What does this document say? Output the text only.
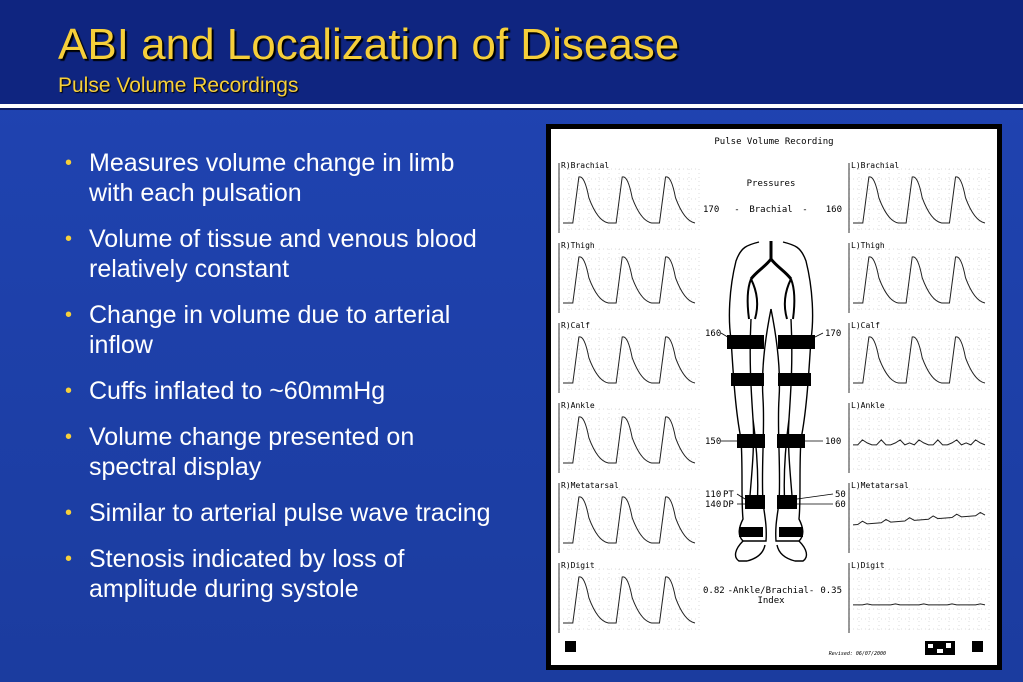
ABI and Localization of Disease
Pulse Volume Recordings
• Measures volume change in limb with each pulsation
• Volume of tissue and venous blood relatively constant
• Change in volume due to arterial inflow
• Cuffs inflated to ~60mmHg
• Volume change presented on spectral display
• Similar to arterial pulse wave tracing
• Stenosis indicated by loss of amplitude during systole
Pulse Volume Recording
R)Brachial
R)Thigh
R)Calf
R)Ankle
R)Metatarsal
R)Digit
L)Brachial
L)Thigh
L)Calf
L)Ankle
L)Metatarsal
L)Digit
Pressures
170 - Brachial - 160
160	170
150	100
110 PT	50
140 DP	60
0.82 -Ankle/Brachial- 0.35
Index
Revised: 06/07/2000
